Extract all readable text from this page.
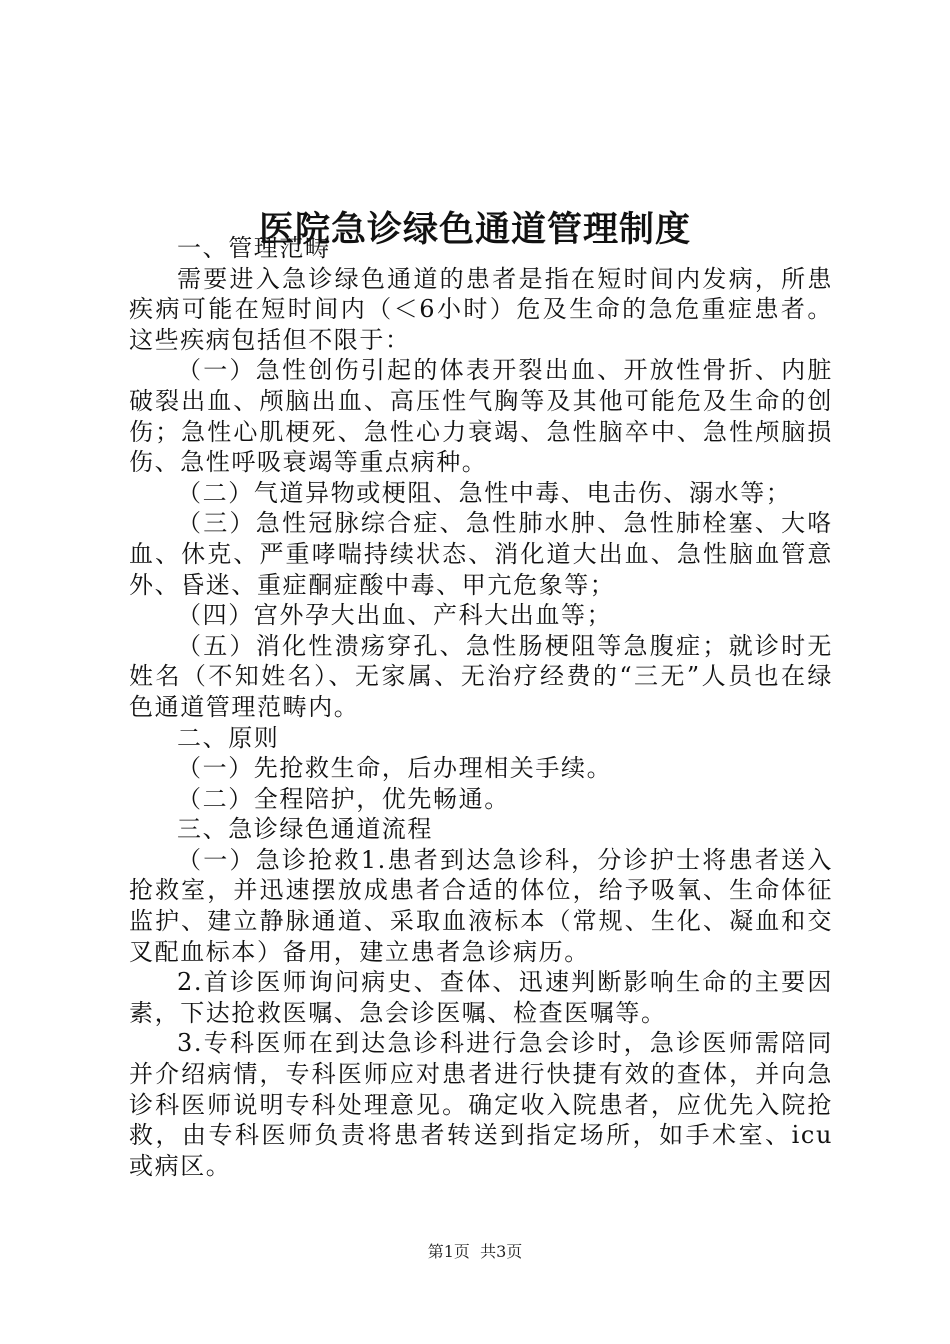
医院急诊绿色通道管理制度

一、管理范畴

需要进入急诊绿色通道的患者是指在短时间内发病，所患疾病可能在短时间内（＜6小时）危及生命的急危重症患者。这些疾病包括但不限于：

（一）急性创伤引起的体表开裂出血、开放性骨折、内脏破裂出血、颅脑出血、高压性气胸等及其他可能危及生命的创伤；急性心肌梗死、急性心力衰竭、急性脑卒中、急性颅脑损伤、急性呼吸衰竭等重点病种。

（二）气道异物或梗阻、急性中毒、电击伤、溺水等；

（三）急性冠脉综合症、急性肺水肿、急性肺栓塞、大咯血、休克、严重哮喘持续状态、消化道大出血、急性脑血管意外、昏迷、重症酮症酸中毒、甲亢危象等；

（四）宫外孕大出血、产科大出血等；

（五）消化性溃疡穿孔、急性肠梗阻等急腹症；就诊时无姓名（不知姓名）、无家属、无治疗经费的“三无”人员也在绿色通道管理范畴内。

二、原则

（一）先抢救生命，后办理相关手续。

（二）全程陪护，优先畅通。

三、急诊绿色通道流程

（一）急诊抢救1.患者到达急诊科，分诊护士将患者送入抢救室，并迅速摆放成患者合适的体位，给予吸氧、生命体征监护、建立静脉通道、采取血液标本（常规、生化、凝血和交叉配血标本）备用，建立患者急诊病历。

2.首诊医师询问病史、查体、迅速判断影响生命的主要因素，下达抢救医嘱、急会诊医嘱、检查医嘱等。

3.专科医师在到达急诊科进行急会诊时，急诊医师需陪同并介绍病情，专科医师应对患者进行快捷有效的查体，并向急诊科医师说明专科处理意见。确定收入院患者，应优先入院抢救，由专科医师负责将患者转送到指定场所，如手术室、icu或病区。

第1页  共3页
